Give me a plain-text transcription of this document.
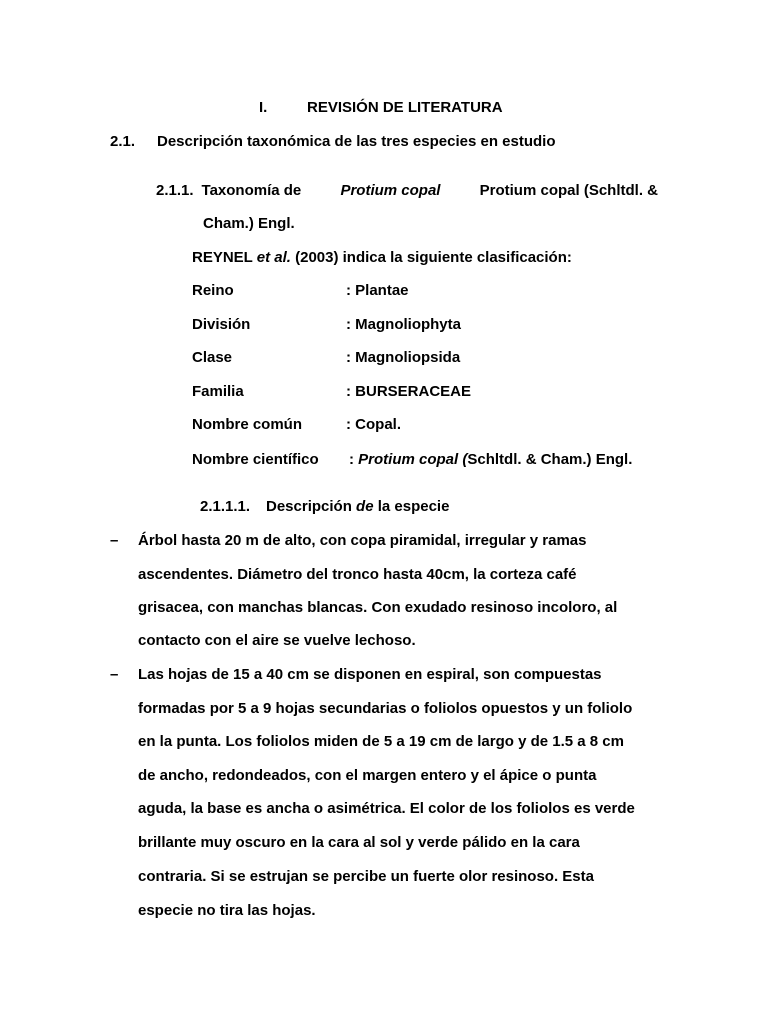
I.	REVISIÓN DE LITERATURA
2.1. Descripción taxonómica de las tres especies en estudio
2.1.1. Taxonomía de	Protium copal	Protium copal (Schltdl. &
Cham.) Engl.
REYNEL et al. (2003) indica la siguiente clasificación:
Reino	: Plantae
División	: Magnoliophyta
Clase	: Magnoliopsida
Familia	: BURSERACEAE
Nombre común	: Copal.
Nombre científico : Protium copal (Schltdl. & Cham.) Engl.
2.1.1.1. Descripción de la especie
– Árbol hasta 20 m de alto, con copa piramidal, irregular y ramas
ascendentes. Diámetro del tronco hasta 40cm, la corteza café
grisacea, con manchas blancas. Con exudado resinoso incoloro, al
contacto con el aire se vuelve lechoso.
– Las hojas de 15 a 40 cm se disponen en espiral, son compuestas
formadas por 5 a 9 hojas secundarias o foliolos opuestos y un foliolo
en la punta. Los foliolos miden de 5 a 19 cm de largo y de 1.5 a 8 cm
de ancho, redondeados, con el margen entero y el ápice o punta
aguda, la base es ancha o asimétrica. El color de los foliolos es verde
brillante muy oscuro en la cara al sol y verde pálido en la cara
contraria. Si se estrujan se percibe un fuerte olor resinoso. Esta
especie no tira las hojas.
